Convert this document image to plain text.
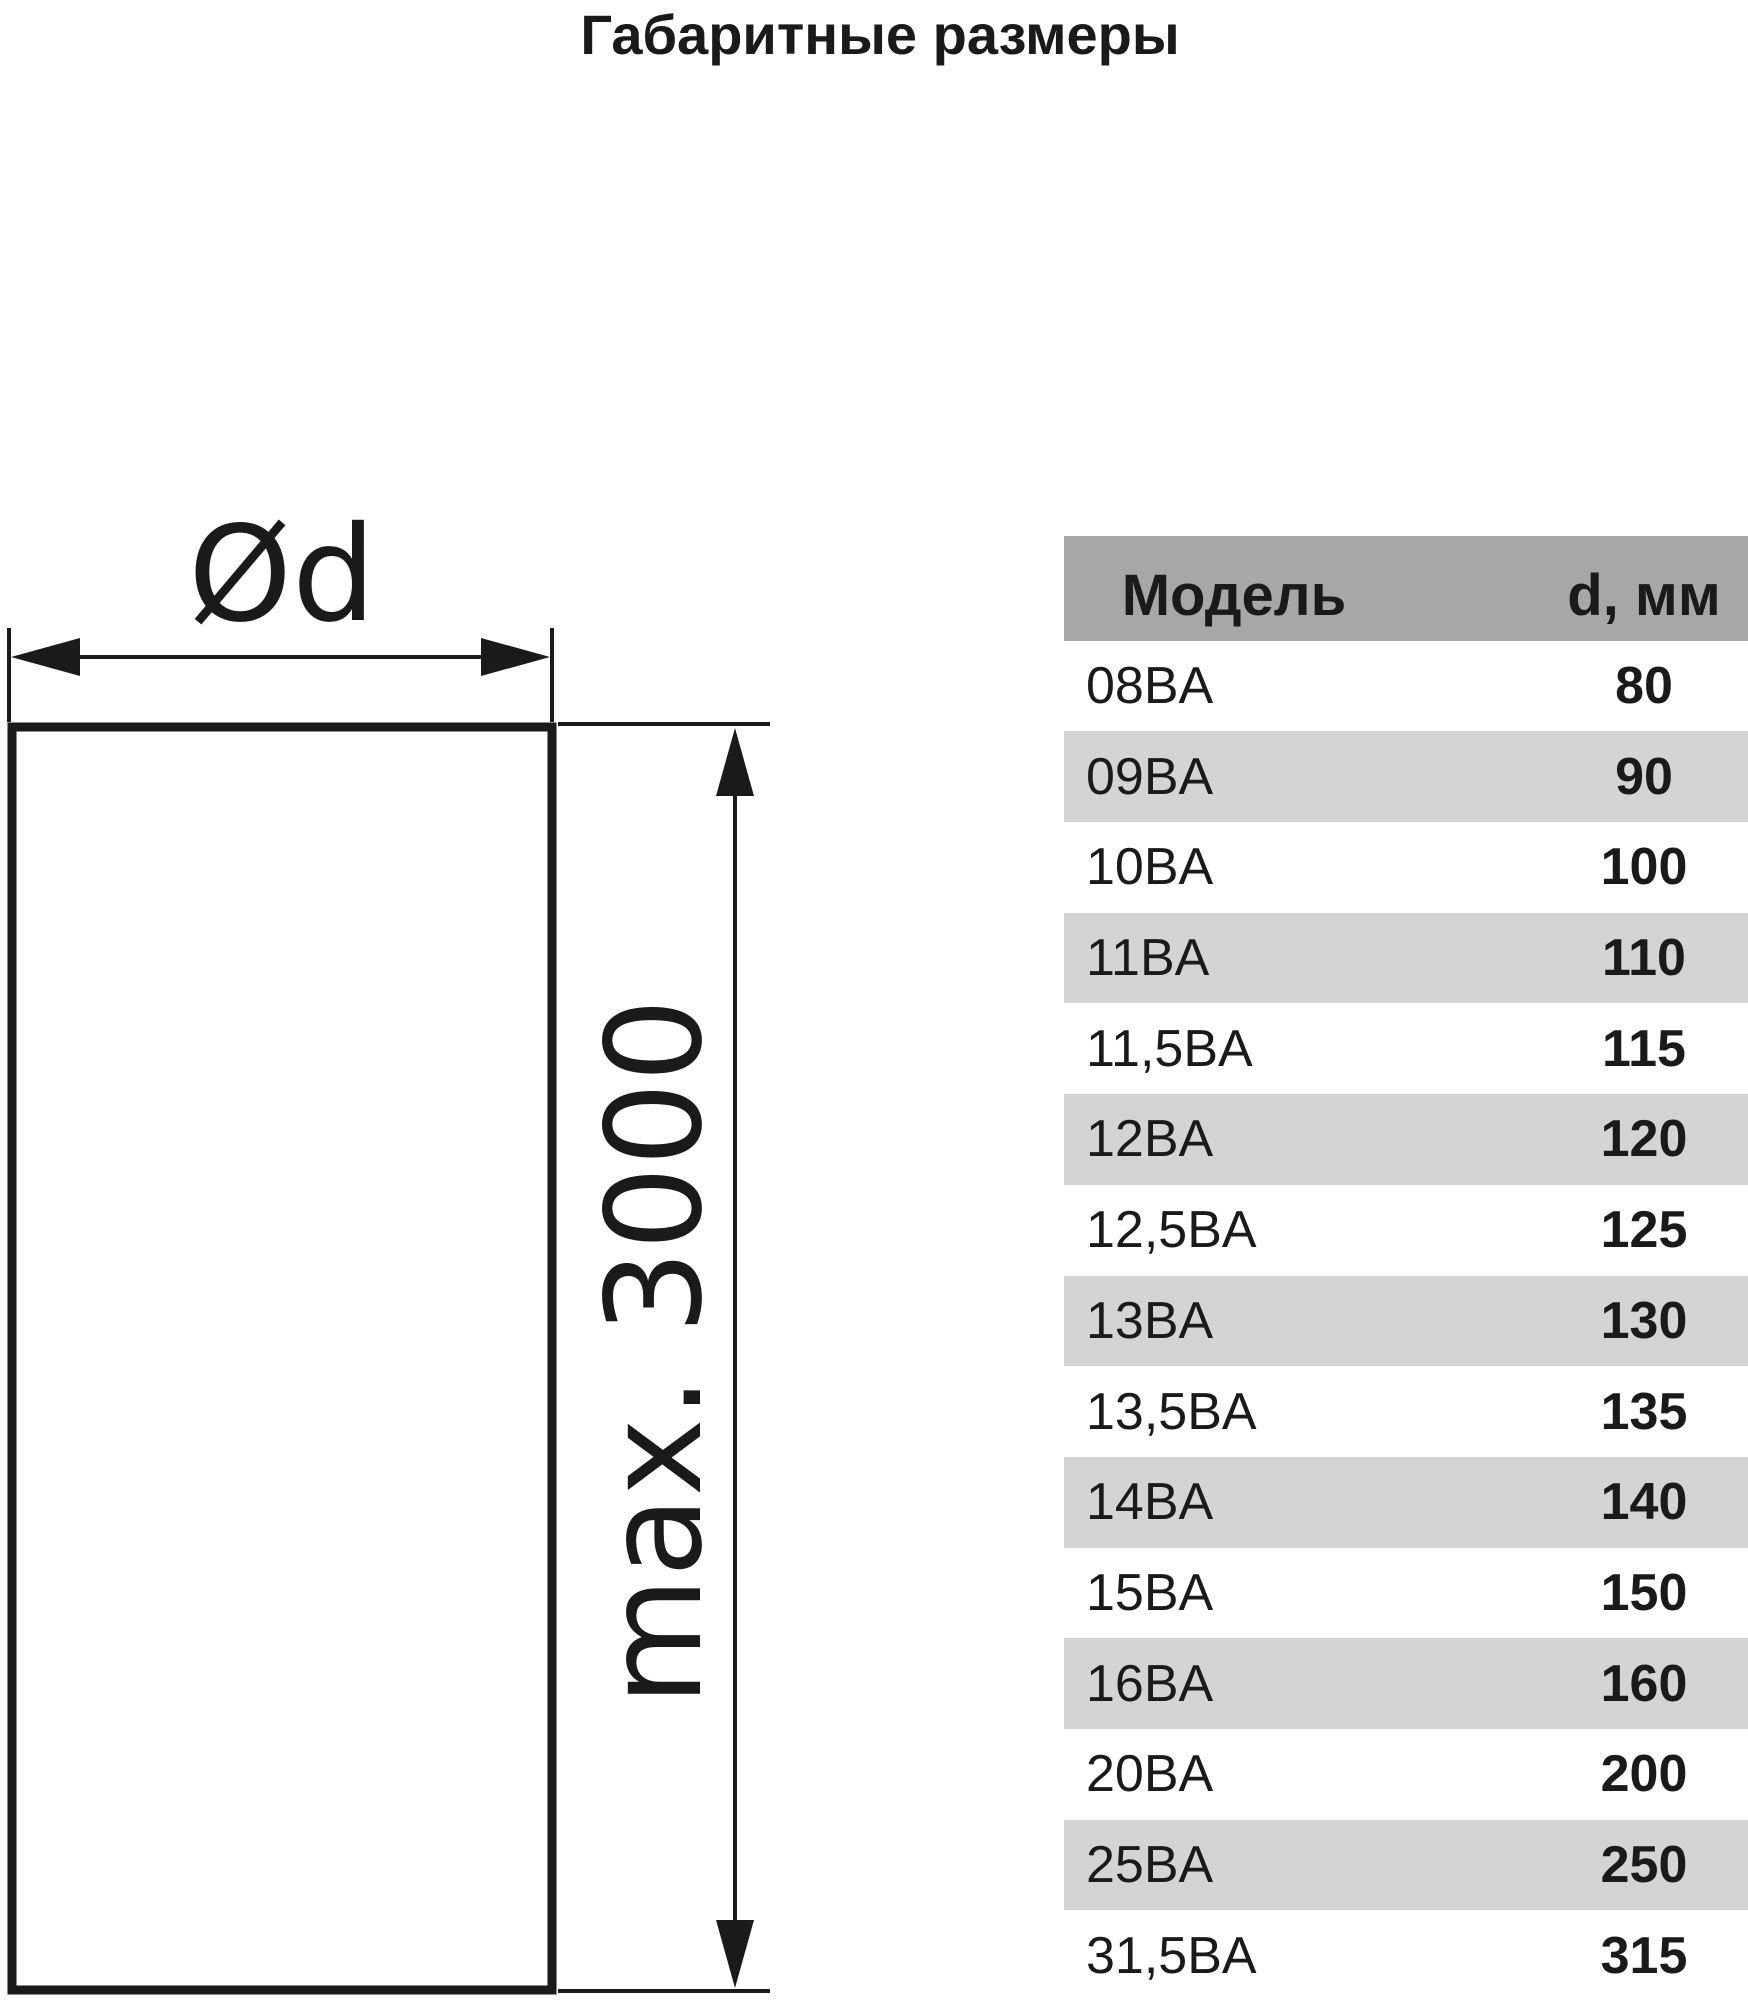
Габаритные размеры
Ød
max. 3000
Модель	d, мм
08BA	80
09BA	90
10BA	100
11BA	110
11,5BA	115
12BA	120
12,5BA	125
13BA	130
13,5BA	135
14BA	140
15BA	150
16BA	160
20BA	200
25BA	250
31,5BA	315
